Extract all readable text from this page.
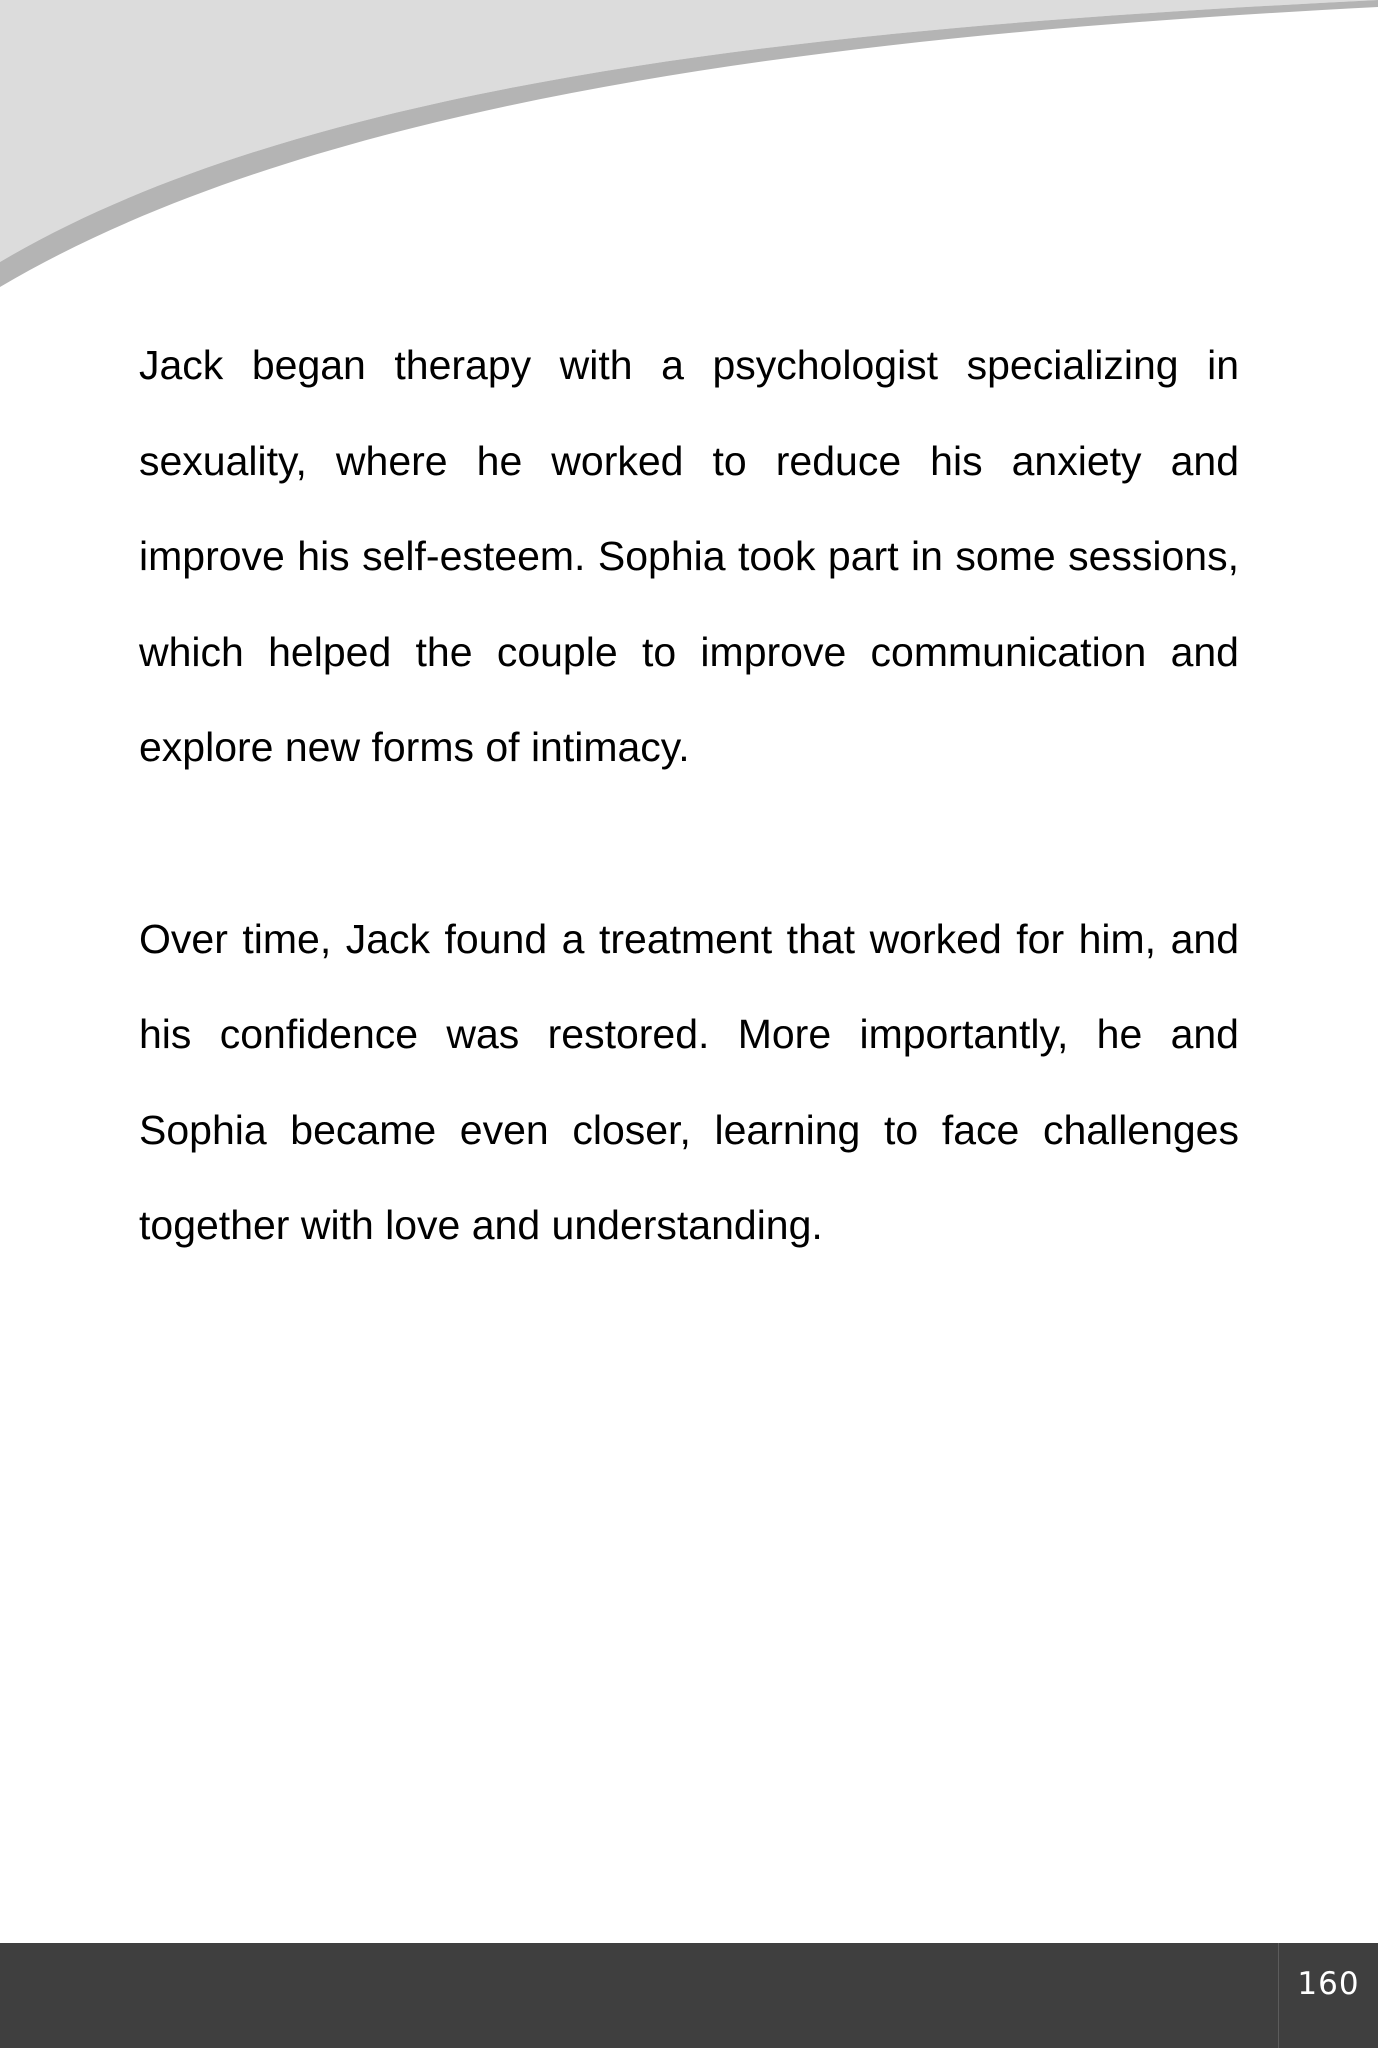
Jack began therapy with a psychologist specializing in sexuality, where he worked to reduce his anxiety and improve his self-esteem. Sophia took part in some sessions, which helped the couple to improve communication and explore new forms of intimacy.

Over time, Jack found a treatment that worked for him, and his confidence was restored. More importantly, he and Sophia became even closer, learning to face challenges together with love and understanding.

160
